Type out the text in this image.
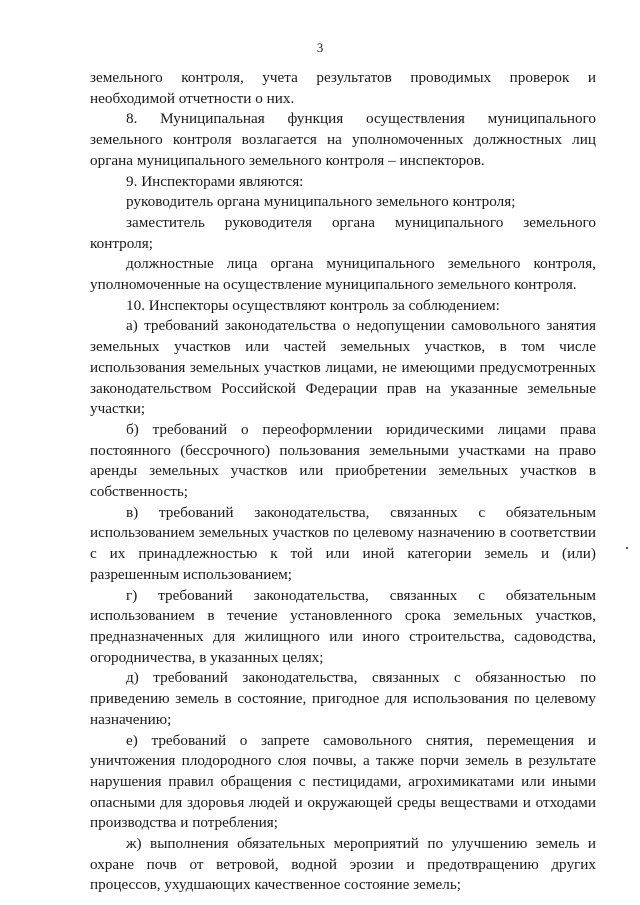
3

земельного контроля, учета результатов проводимых проверок и необходимой отчетности о них.

8. Муниципальная функция осуществления муниципального земельного контроля возлагается на уполномоченных должностных лиц органа муниципального земельного контроля – инспекторов.

9. Инспекторами являются:

руководитель органа муниципального земельного контроля;

заместитель руководителя органа муниципального земельного контроля;

должностные лица органа муниципального земельного контроля, уполномоченные на осуществление муниципального земельного контроля.

10. Инспекторы осуществляют контроль за соблюдением:

а) требований законодательства о недопущении самовольного занятия земельных участков или частей земельных участков, в том числе использования земельных участков лицами, не имеющими предусмотренных законодательством Российской Федерации прав на указанные земельные участки;

б) требований о переоформлении юридическими лицами права постоянного (бессрочного) пользования земельными участками на право аренды земельных участков или приобретении земельных участков в собственность;

в) требований законодательства, связанных с обязательным использованием земельных участков по целевому назначению в соответствии с их принадлежностью к той или иной категории земель и (или) разрешенным использованием;

г) требований законодательства, связанных с обязательным использованием в течение установленного срока земельных участков, предназначенных для жилищного или иного строительства, садоводства, огородничества, в указанных целях;

д) требований законодательства, связанных с обязанностью по приведению земель в состояние, пригодное для использования по целевому назначению;

е) требований о запрете самовольного снятия, перемещения и уничтожения плодородного слоя почвы, а также порчи земель в результате нарушения правил обращения с пестицидами, агрохимикатами или иными опасными для здоровья людей и окружающей среды веществами и отходами производства и потребления;

ж) выполнения обязательных мероприятий по улучшению земель и охране почв от ветровой, водной эрозии и предотвращению других процессов, ухудшающих качественное состояние земель;
